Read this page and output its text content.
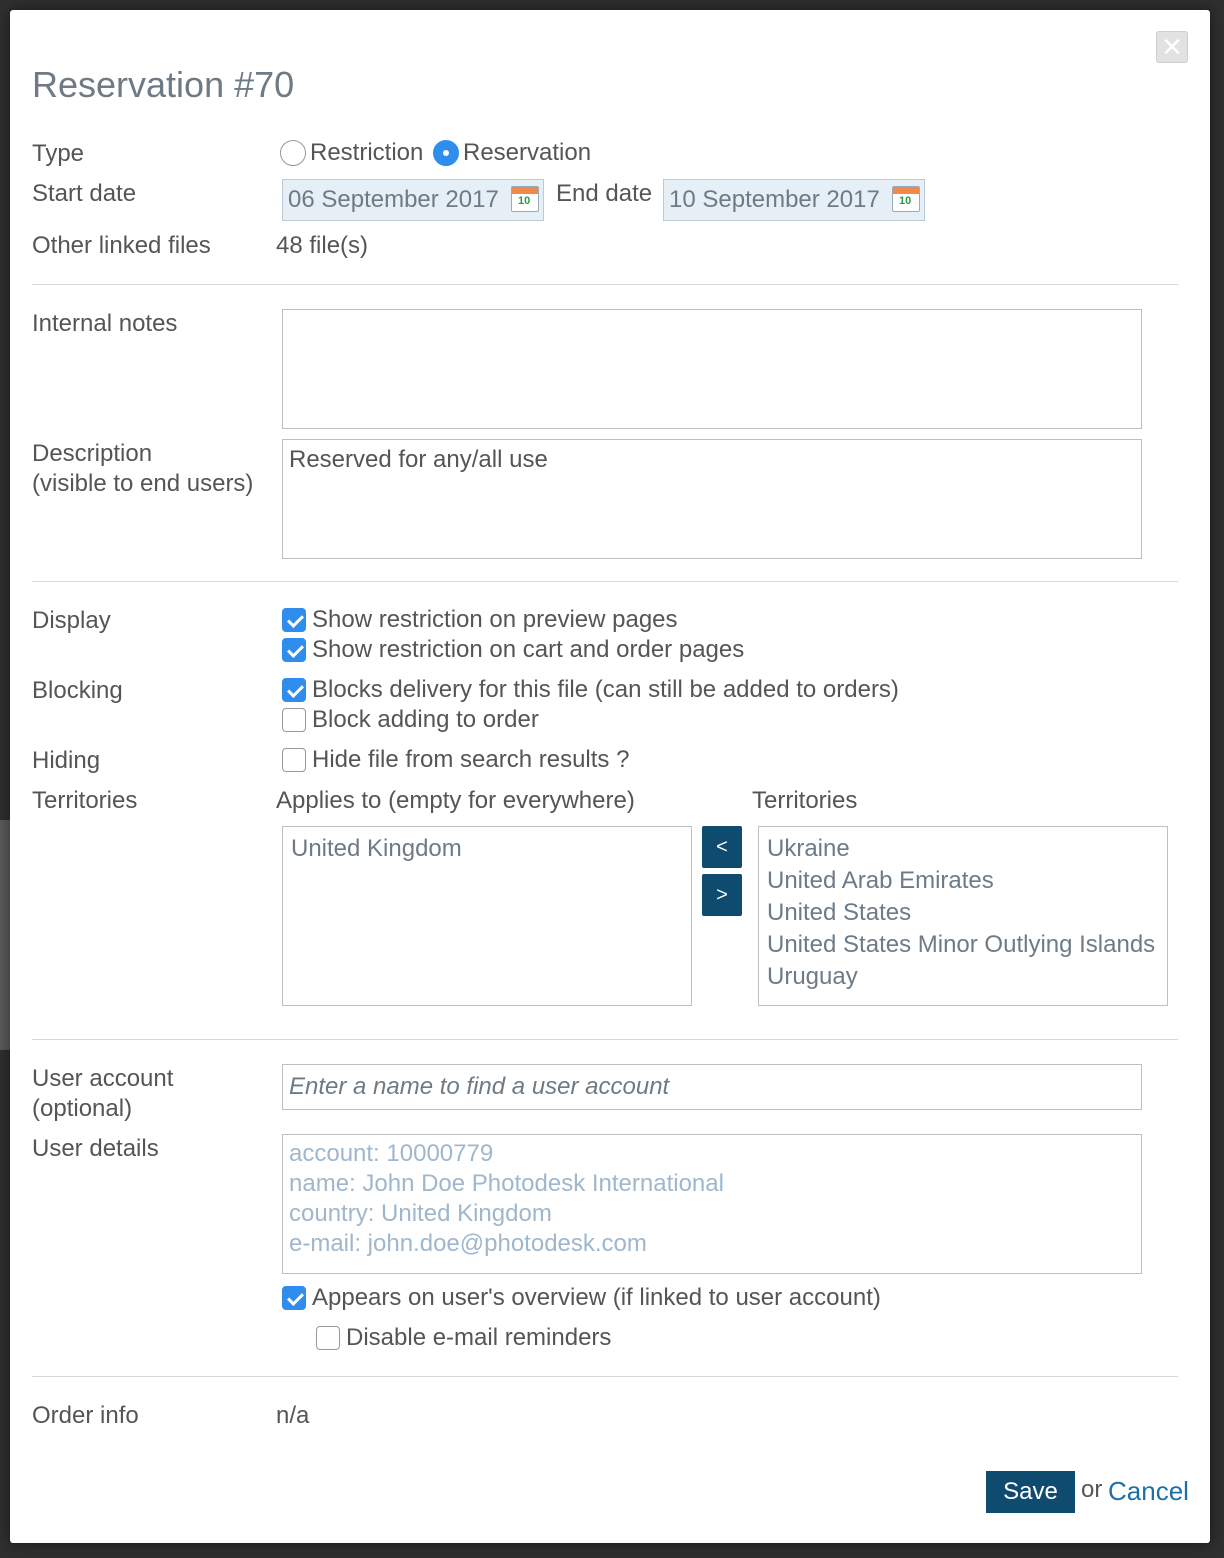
✕
Reservation #70
Type	Restriction Reservation
Start date	06 September 2017 10 End date 10 September 2017 10
Other linked files	48 file(s)
Internal notes
Description
(visible to end users)
Reserved for any/all use
Display	Show restriction on preview pages
Show restriction on cart and order pages
Blocking	Blocks delivery for this file (can still be added to orders)
Block adding to order
Hiding	Hide file from search results ?
Territories	Applies to (empty for everywhere)	Territories
United Kingdom	<
>
Ukraine
United Arab Emirates
United States
United States Minor Outlying Islands
Uruguay
User account
(optional)
Enter a name to find a user account
User details	account: 10000779
name: John Doe Photodesk International
country: United Kingdom
e-mail: john.doe@photodesk.com
Appears on user's overview (if linked to user account)
Disable e-mail reminders
Order info	n/a
Save or Cancel
